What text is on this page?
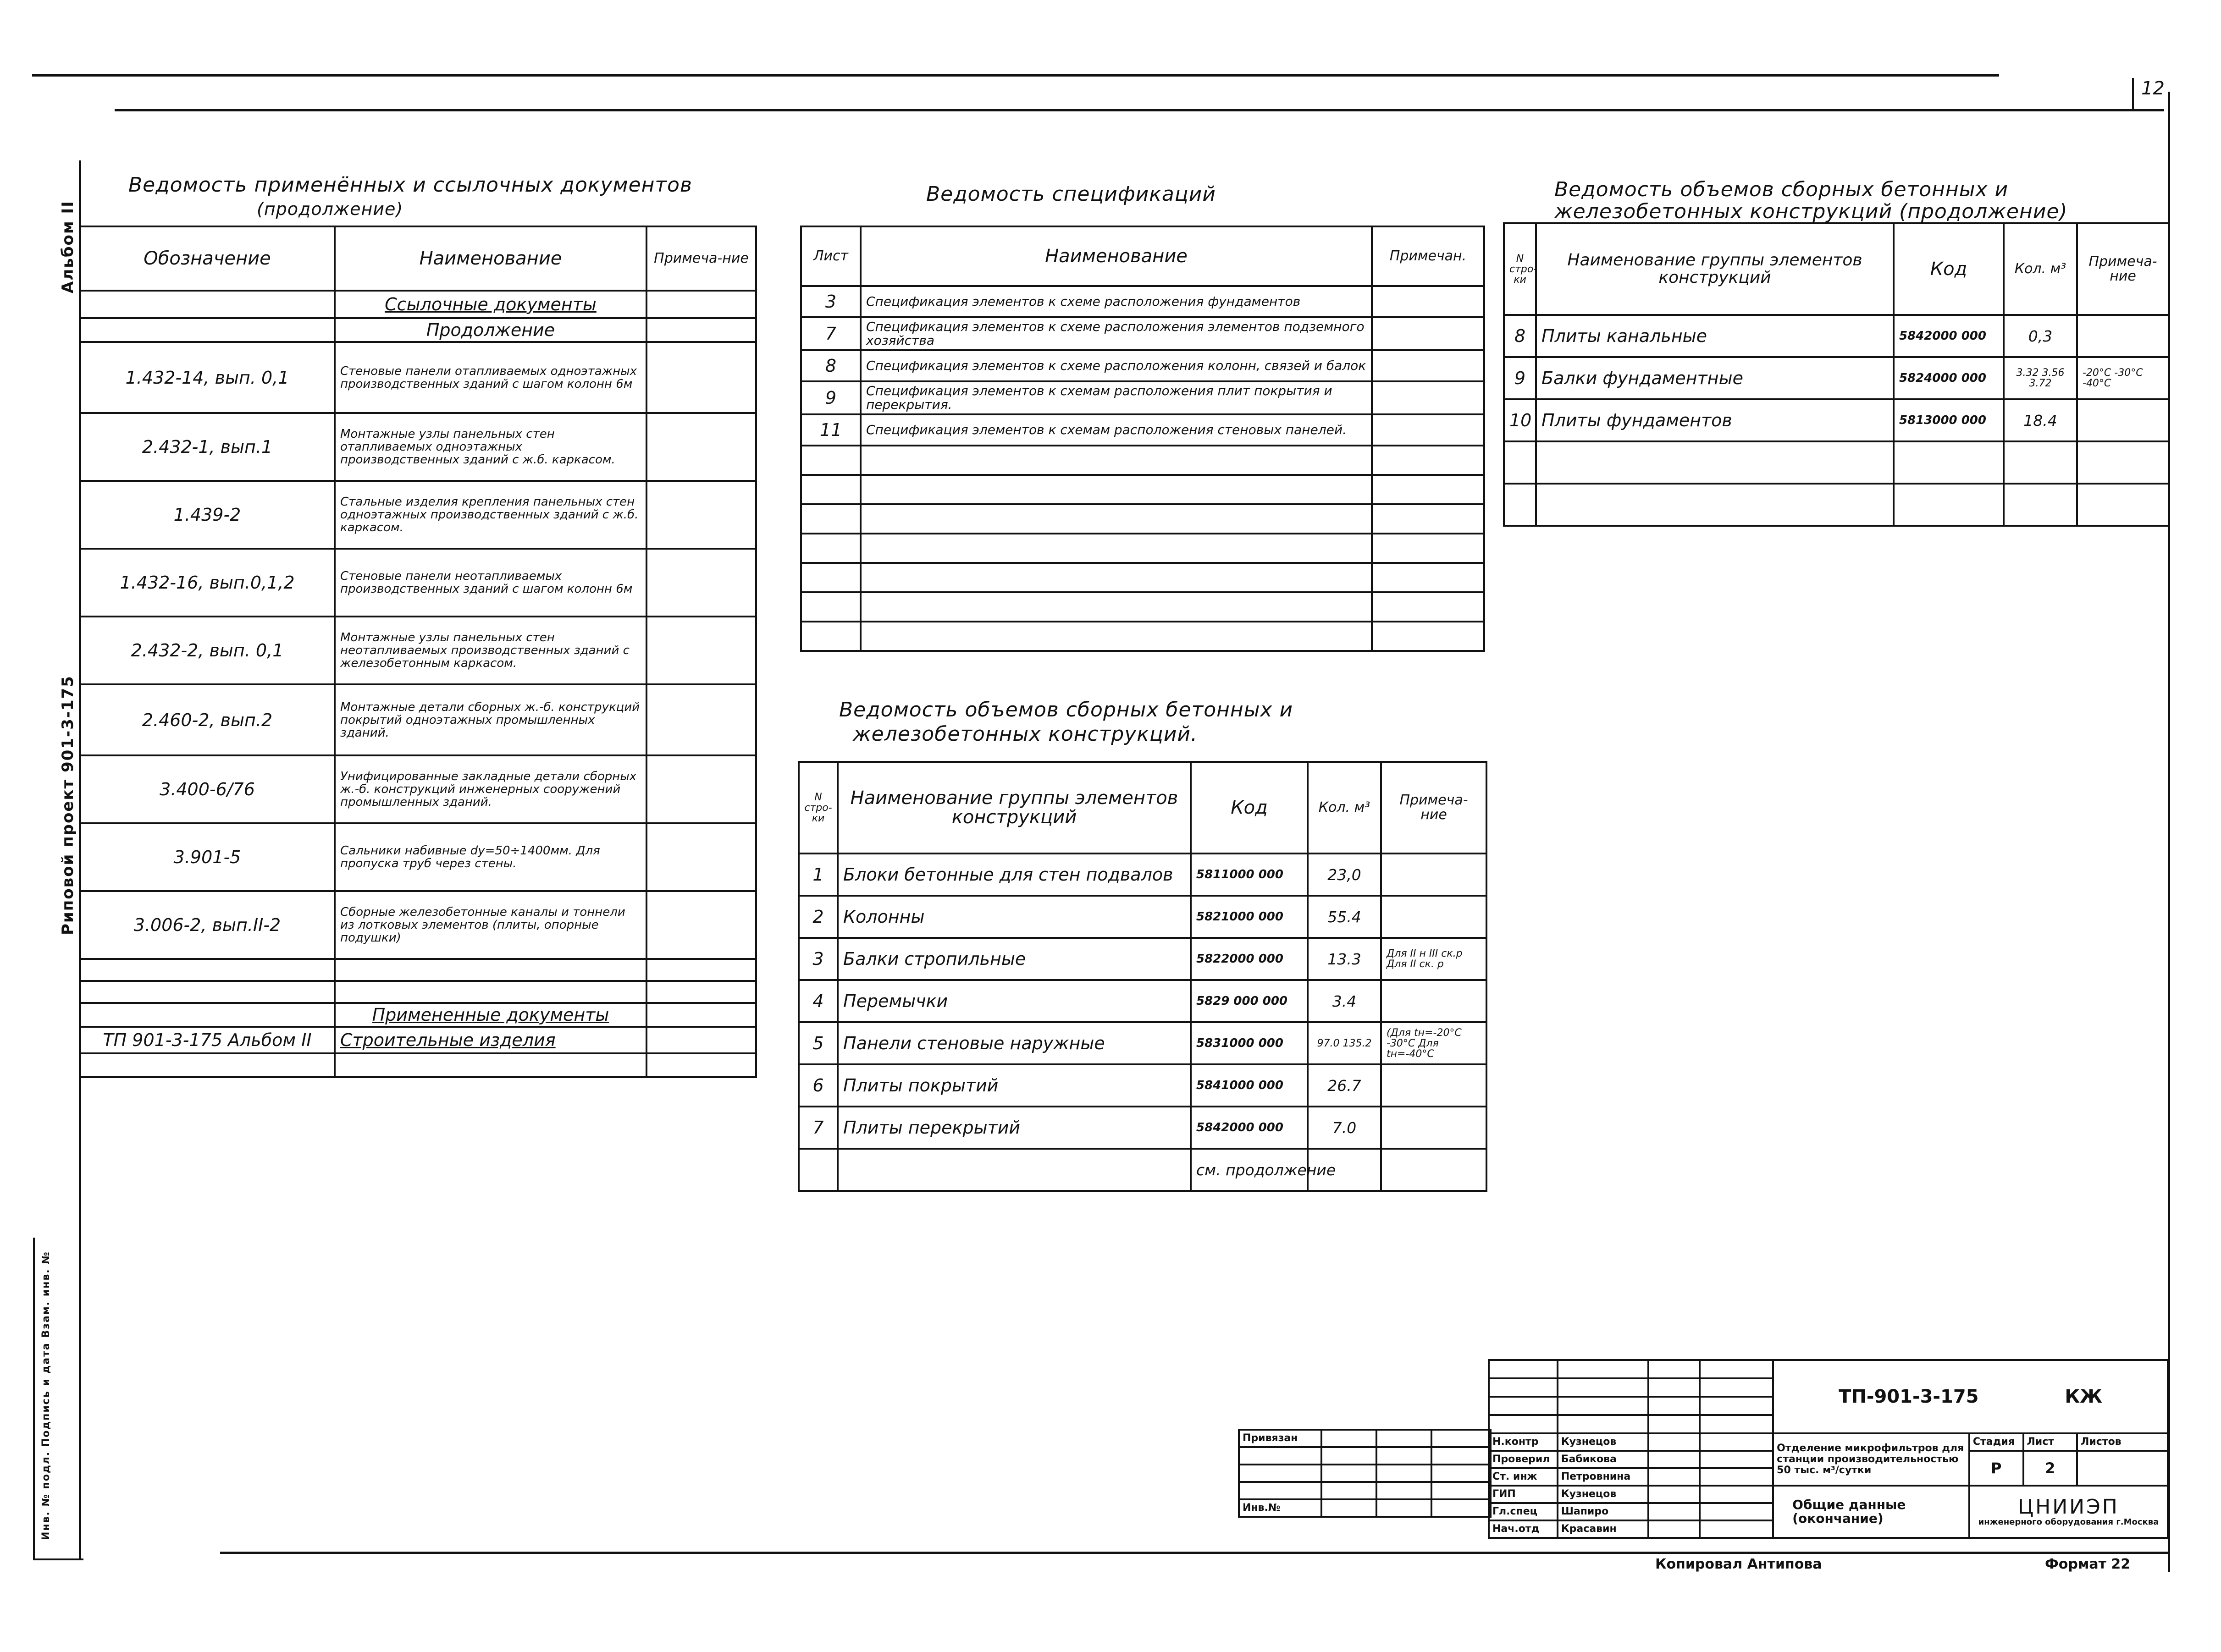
12
Альбом II
Риповой проект 901-3-175
Инв. № подл. Подпись и дата Взам. инв. №
Ведомость применённых и ссылочных документов
(продолжение)
Обозначение	Наименование	Примеча-ние
	Ссылочные документы	
	Продолжение	
1.432-14, вып. 0,1	Стеновые панели отапливаемых одноэтажных производственных зданий с шагом колонн 6м	
2.432-1, вып.1	Монтажные узлы панельных стен отапливаемых одноэтажных производственных зданий с ж.б. каркасом.	
1.439-2	Стальные изделия крепления панельных стен одноэтажных производственных зданий с ж.б. каркасом.	
1.432-16, вып.0,1,2	Стеновые панели неотапливаемых производственных зданий с шагом колонн 6м	
2.432-2, вып. 0,1	Монтажные узлы панельных стен неотапливаемых производственных зданий с железобетонным каркасом.	
2.460-2, вып.2	Монтажные детали сборных ж.-б. конструкций покрытий одноэтажных промышленных зданий.	
3.400-6/76	Унифицированные закладные детали сборных ж.-б. конструкций инженерных сооружений промышленных зданий.	
3.901-5	Сальники набивные dy=50÷1400мм. Для пропуска труб через стены.	
3.006-2, вып.II-2	Сборные железобетонные каналы и тоннели из лотковых элементов (плиты, опорные подушки)	

	Примененные документы	
ТП 901-3-175 Альбом II	Строительные изделия	

Ведомость спецификаций
Лист	Наименование	Примечан.
3	Спецификация элементов к схеме расположения фундаментов	
7	Спецификация элементов к схеме расположения элементов подземного хозяйства	
8	Спецификация элементов к схеме расположения колонн, связей и балок	
9	Спецификация элементов к схемам расположения плит покрытия и перекрытия.	
11	Спецификация элементов к схемам расположения стеновых панелей.	

Ведомость объемов сборных бетонных и
железобетонных конструкций.
N стро-ки	Наименование группы элементов конструкций	Код	Кол. м³	Примеча-ние
1	Блоки бетонные для стен подвалов	5811000 000	23,0	
2	Колонны	5821000 000	55.4	
3	Балки стропильные	5822000 000	13.3	Для II н III ск.р Для II ск. р
4	Перемычки	5829 000 000	3.4	
5	Панели стеновые наружные	5831000 000	97.0 135.2	(Для tн=-20°С -30°С Для tн=-40°С
6	Плиты покрытий	5841000 000	26.7	
7	Плиты перекрытий	5842000 000	7.0	
		см. продолжение		
Ведомость объемов сборных бетонных и
железобетонных конструкций (продолжение)
N стро-ки	Наименование группы элементов конструкций	Код	Кол. м³	Примеча-ние
8	Плиты канальные	5842000 000	0,3	
9	Балки фундаментные	5824000 000	3.32 3.56 3.72	-20°С -30°С -40°С
10	Плиты фундаментов	5813000 000	18.4	

				ТП-901-3-175 КЖ			

Н.контр	Кузнецов			Отделение микрофильтров для станции производительностью 50 тыс. м³/сутки	Стадия	Лист	Листов
Проверил	Бабикова				Р	2	
Ст. инж	Петровнина						
ГИП	Кузнецов			Общие данные (окончание)	ЦНИИЭП
инженерного оборудования г.Москва		

Гл.спец	Шапиро						
Нач.отд	Красавин						
Привязан			

Инв.№			
Копировал Антипова	Формат 22
